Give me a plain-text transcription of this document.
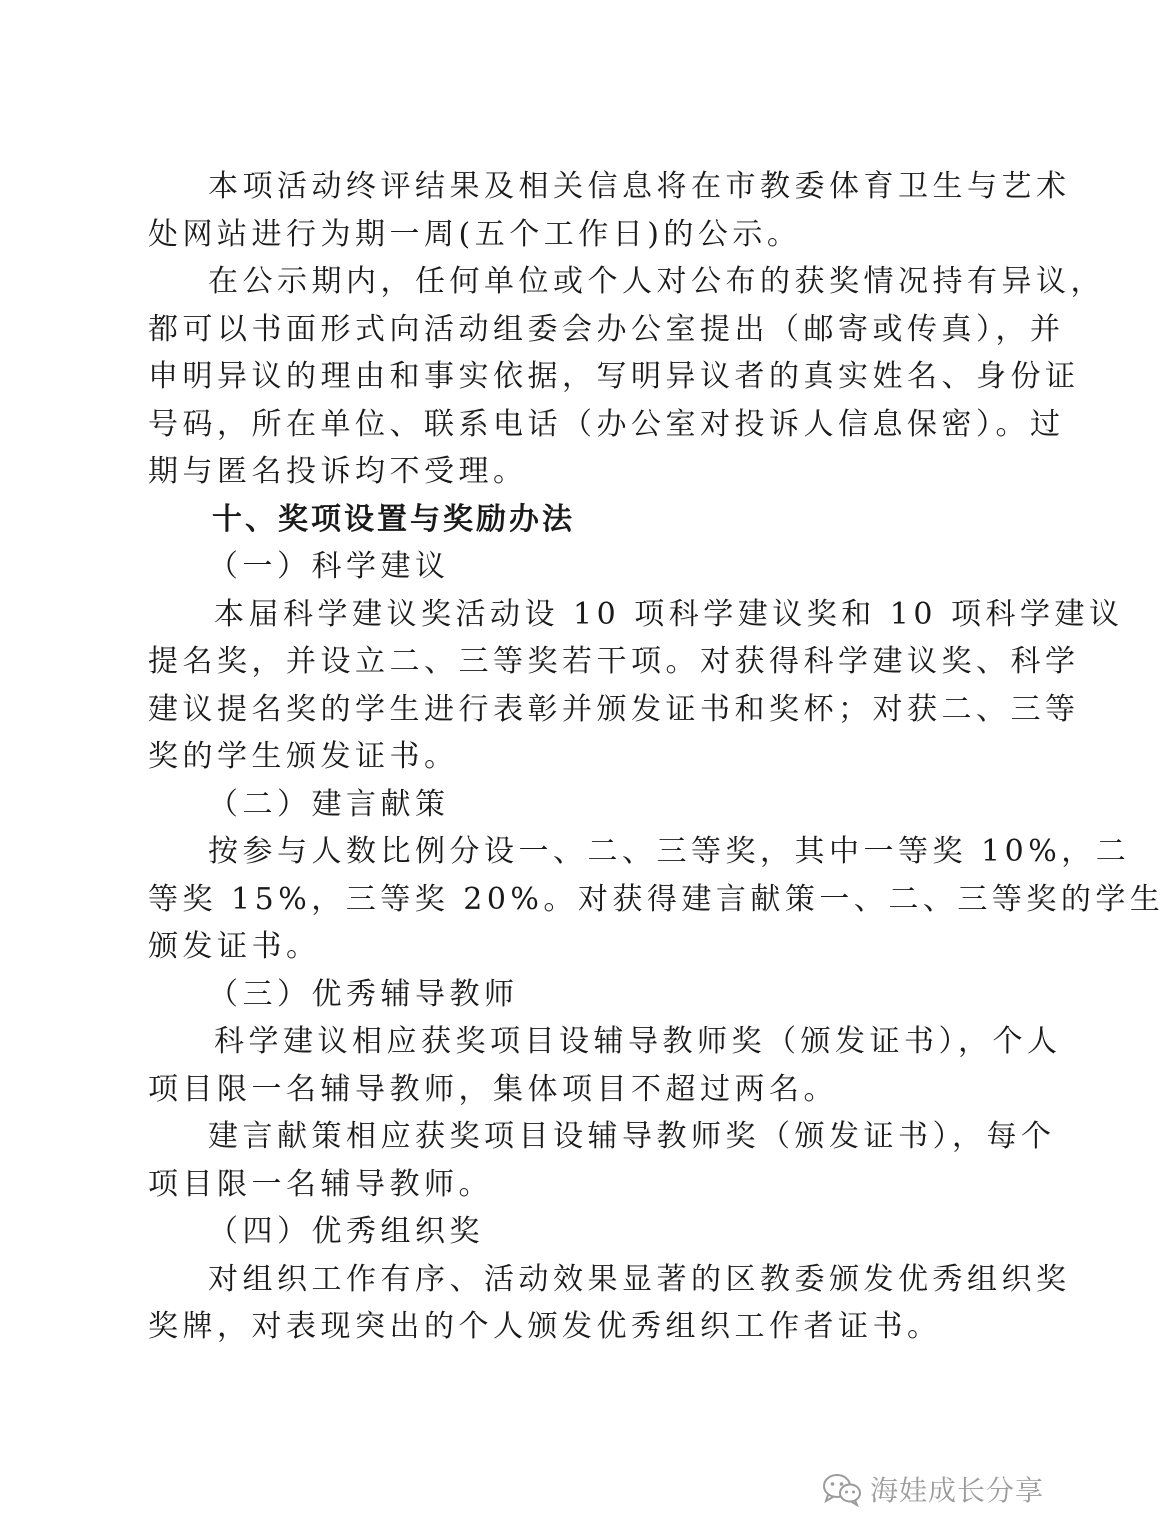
本项活动终评结果及相关信息将在市教委体育卫生与艺术
处网站进行为期一周(五个工作日)的公示。
在公示期内，任何单位或个人对公布的获奖情况持有异议，
都可以书面形式向活动组委会办公室提出（邮寄或传真），并
申明异议的理由和事实依据，写明异议者的真实姓名、身份证
号码，所在单位、联系电话（办公室对投诉人信息保密）。过
期与匿名投诉均不受理。
十、奖项设置与奖励办法
（一）科学建议
本届科学建议奖活动设 10 项科学建议奖和 10 项科学建议
提名奖，并设立二、三等奖若干项。对获得科学建议奖、科学
建议提名奖的学生进行表彰并颁发证书和奖杯；对获二、三等
奖的学生颁发证书。
（二）建言献策
按参与人数比例分设一、二、三等奖，其中一等奖 10%，二
等奖 15%，三等奖 20%。对获得建言献策一、二、三等奖的学生
颁发证书。
（三）优秀辅导教师
科学建议相应获奖项目设辅导教师奖（颁发证书），个人
项目限一名辅导教师，集体项目不超过两名。
建言献策相应获奖项目设辅导教师奖（颁发证书），每个
项目限一名辅导教师。
（四）优秀组织奖
对组织工作有序、活动效果显著的区教委颁发优秀组织奖
奖牌，对表现突出的个人颁发优秀组织工作者证书。
海娃成长分享
